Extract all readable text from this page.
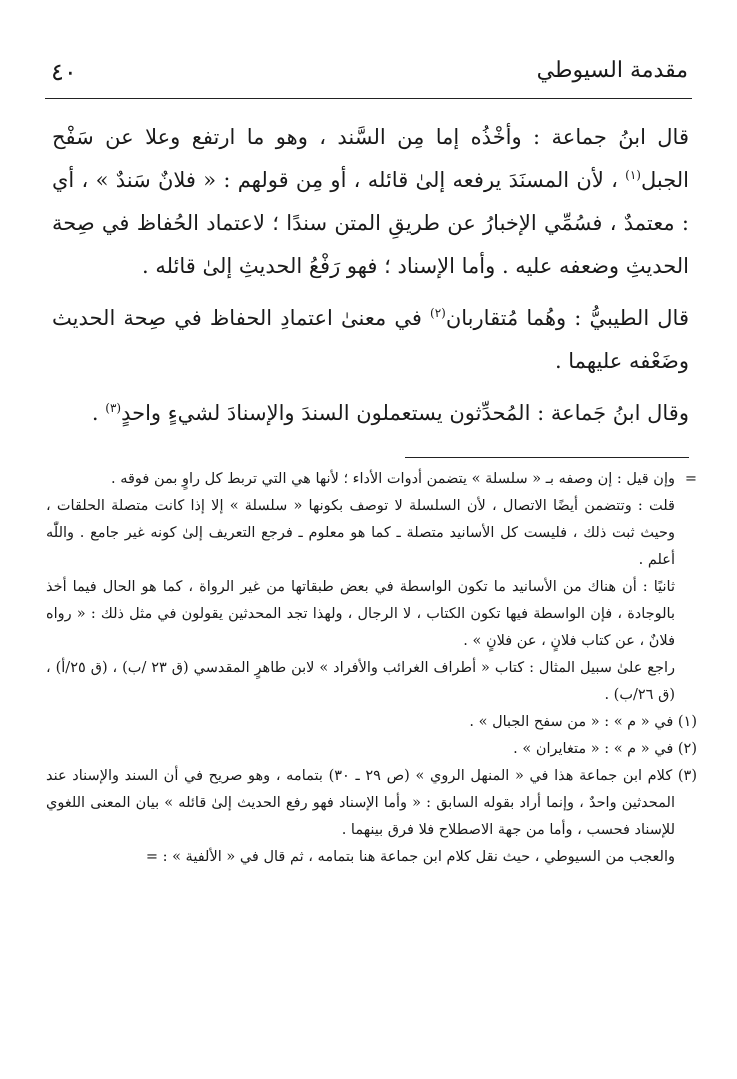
مقدمة السيوطي
٤٠

قال ابنُ جماعة : وأخْذُه إما مِن السَّند ، وهو ما ارتفع وعلا عن سَفْح الجبل$^{(١)}$ ، لأن المسنَدَ يرفعه إلىٰ قائله ، أو مِن قولهم : « فلانٌ سَندٌ » ، أي : معتمدٌ ، فسُمِّي الإخبارُ عن طريقِ المتن سندًا ؛ لاعتماد الحُفاظ في صِحة الحديثِ وضعفه عليه . وأما الإسناد ؛ فهو رَفْعُ الحديثِ إلىٰ قائله .

قال الطيبيُّ : وهُما مُتقاربان$^{(٢)}$ في معنىٰ اعتمادِ الحفاظ في صِحة الحديث وضَعْفه عليهما .

وقال ابنُ جَماعة : المُحدِّثون يستعملون السندَ والإسنادَ لشيءٍ واحدٍ$^{(٣)}$ .

=
وإن قيل : إن وصفه بـ « سلسلة » يتضمن أدوات الأداء ؛ لأنها هي التي تربط كل راوٍ بمن فوقه .

قلت : وتتضمن أيضًا الاتصال ، لأن السلسلة لا توصف بكونها « سلسلة » إلا إذا كانت متصلة الحلقات ، وحيث ثبت ذلك ، فليست كل الأسانيد متصلة ـ كما هو معلوم ـ فرجع التعريف إلىٰ كونه غير جامع . واللّٰه أعلم .

ثانيًا : أن هناك من الأسانيد ما تكون الواسطة في بعض طبقاتها من غير الرواة ، كما هو الحال فيما أخذ بالوجادة ، فإن الواسطة فيها تكون الكتاب ، لا الرجال ، ولهذا تجد المحدثين يقولون في مثل ذلك : « رواه فلانٌ ، عن كتاب فلانٍ ، عن فلانٍ » .

راجع علىٰ سبيل المثال : كتاب « أطراف الغرائب والأفراد » لابن طاهرٍ المقدسي (ق ٢٣ /ب) ، (ق ٢٥/أ) ، (ق ٢٦/ب) .

(١) في « م » : « من سفح الجبال » .

(٢) في « م » : « متغايران » .

(٣) كلام ابن جماعة هذا في « المنهل الروي » (ص ٢٩ ـ ٣٠) بتمامه ، وهو صريح في أن السند والإسناد عند المحدثين واحدٌ ، وإنما أراد بقوله السابق : « وأما الإسناد فهو رفع الحديث إلىٰ قائله » بيان المعنى اللغوي للإسناد فحسب ، وأما من جهة الاصطلاح فلا فرق بينهما .

والعجب من السيوطي ، حيث نقل كلام ابن جماعة هنا بتمامه ، ثم قال في « الألفية » : =
